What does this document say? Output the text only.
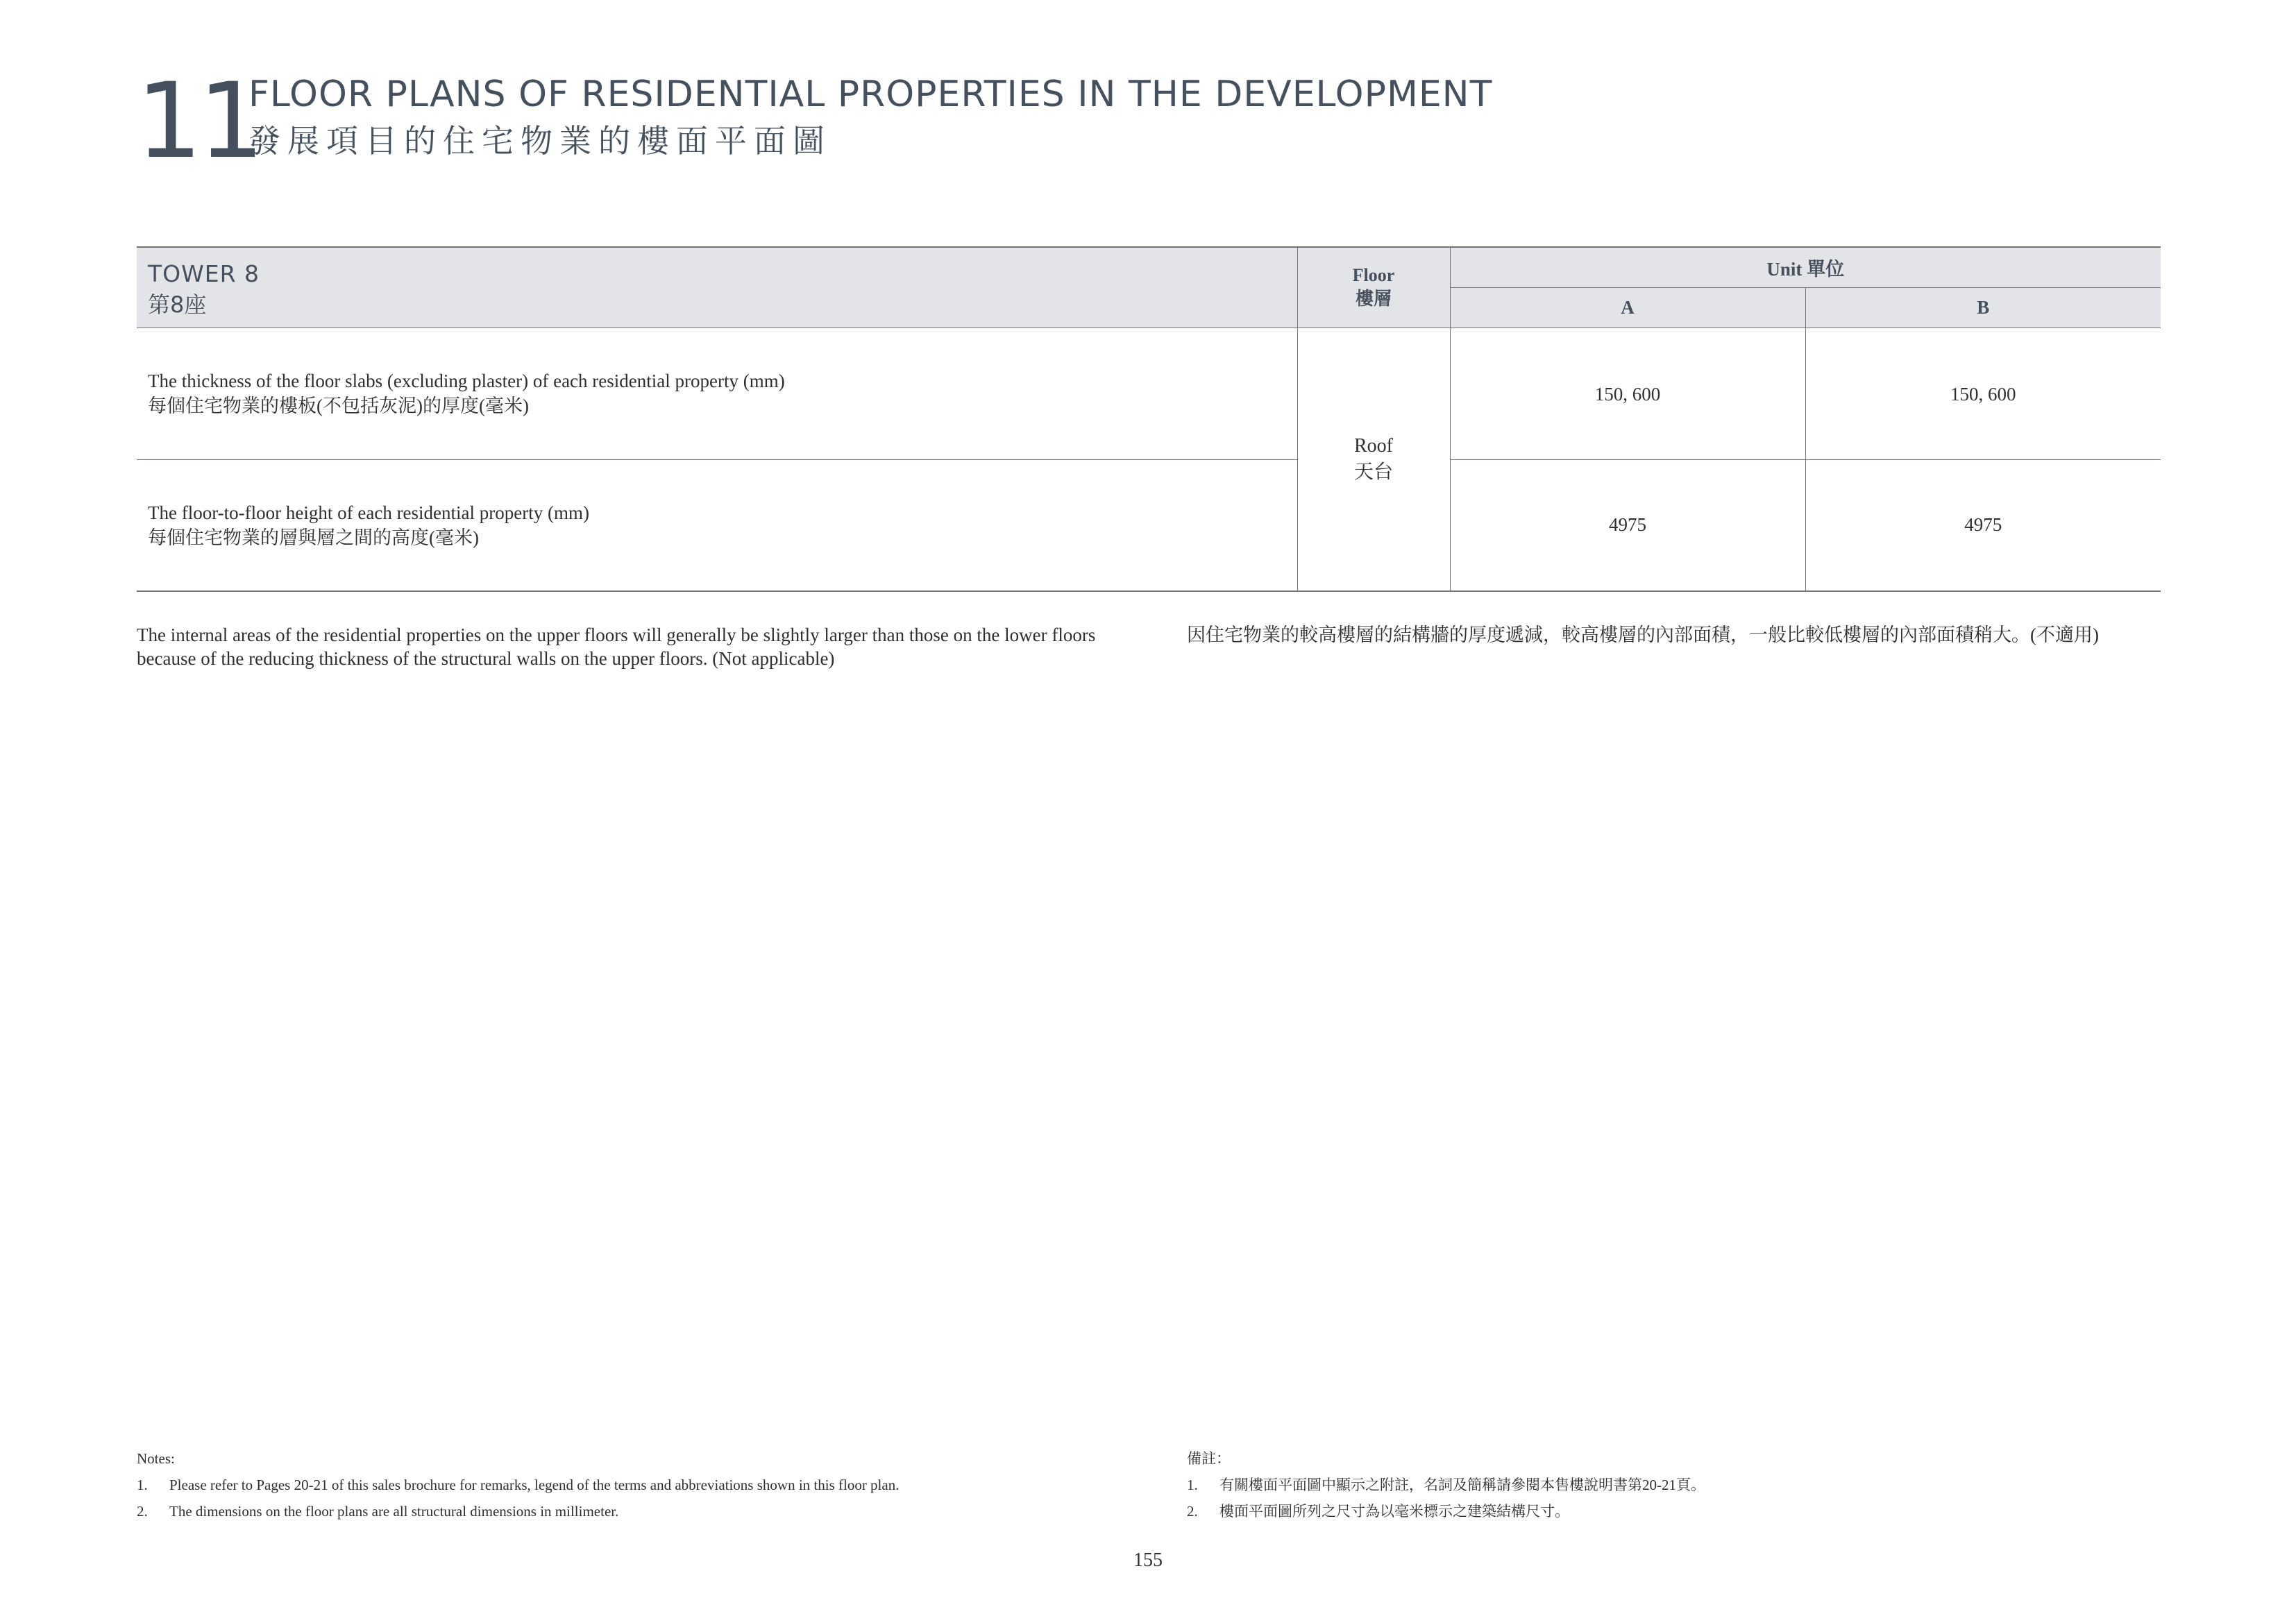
11
FLOOR PLANS OF RESIDENTIAL PROPERTIES IN THE DEVELOPMENT
發展項目的住宅物業的樓面平面圖
TOWER 8
第8座	Floor
樓層	Unit 單位	
		A	B

The thickness of the floor slabs (excluding plaster) of each residential property (mm)
每個住宅物業的樓板(不包括灰泥)的厚度(毫米)	Roof
天台	150, 600	150, 600

The floor-to-floor height of each residential property (mm)
每個住宅物業的層與層之間的高度(毫米)		4975	4975

The internal areas of the residential properties on the upper floors will generally be slightly larger than those on the lower floors because of the reducing thickness of the structural walls on the upper floors. (Not applicable)

因住宅物業的較高樓層的結構牆的厚度遞減，較高樓層的內部面積，一般比較低樓層的內部面積稍大。(不適用)

Notes:
1.	Please refer to Pages 20-21 of this sales brochure for remarks, legend of the terms and abbreviations shown in this floor plan.
2.	The dimensions on the floor plans are all structural dimensions in millimeter.
備註：
1.	有關樓面平面圖中顯示之附註，名詞及簡稱請參閱本售樓說明書第20-21頁。
2.	樓面平面圖所列之尺寸為以毫米標示之建築結構尺寸。
155
